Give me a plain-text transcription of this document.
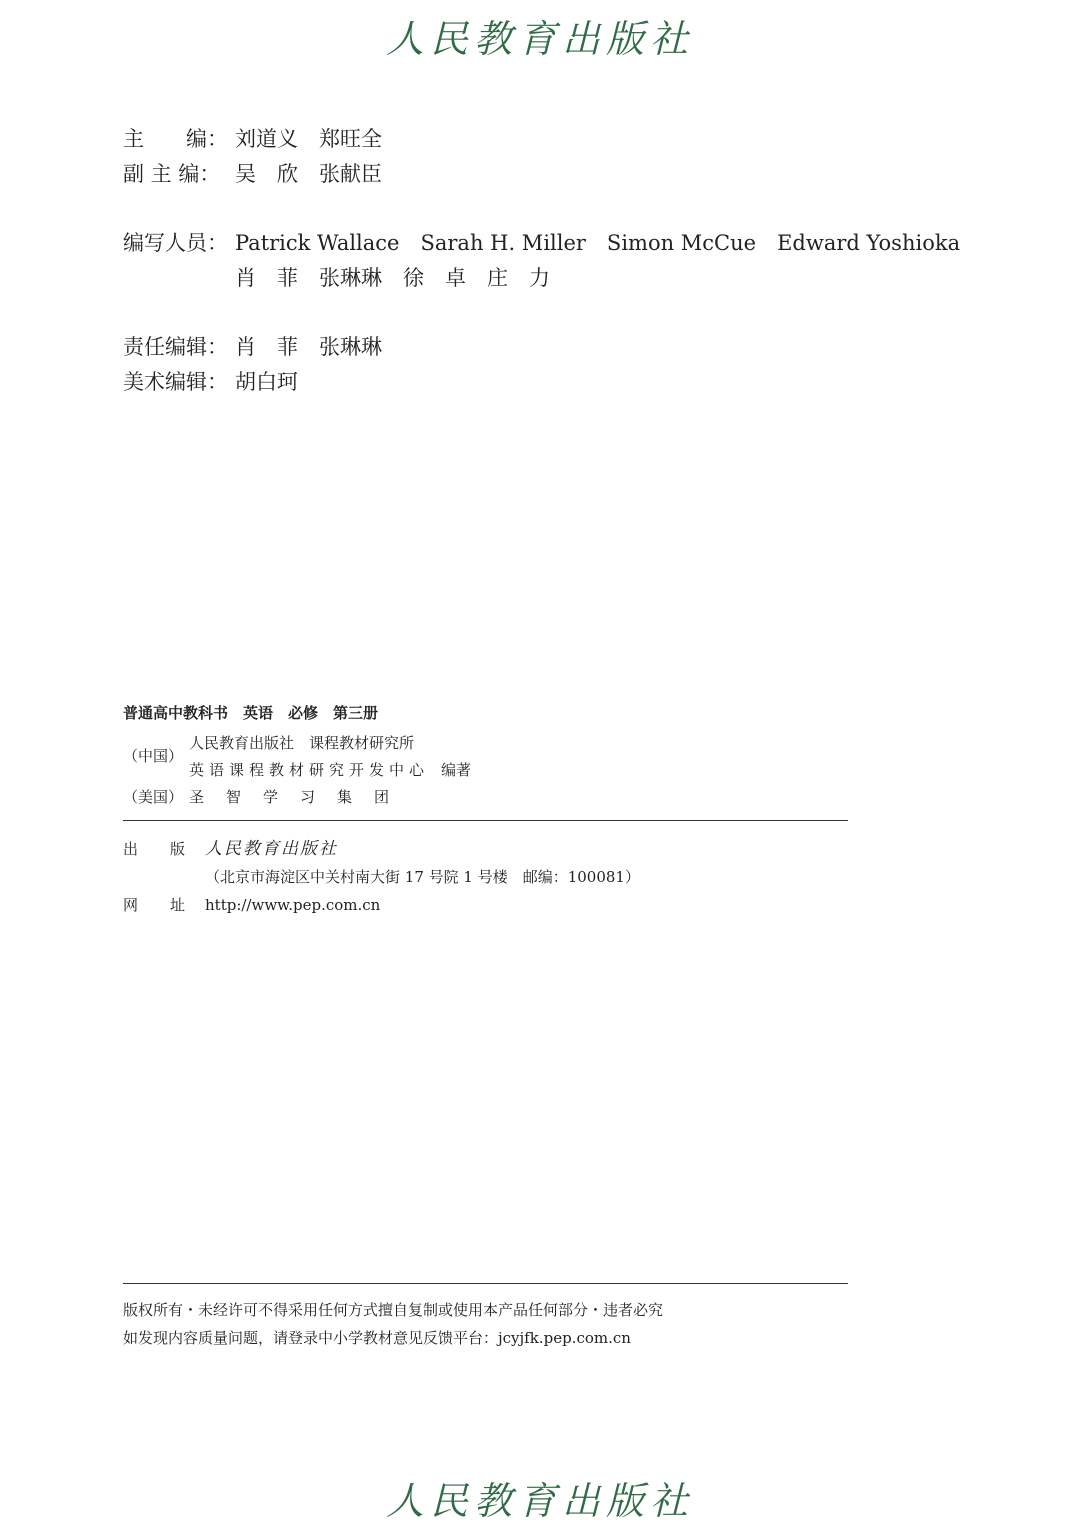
人民教育出版社
主　　编： 刘道义　郑旺全
副 主 编： 吴　欣　张献臣
编写人员： Patrick Wallace　Sarah H. Miller　Simon McCue　Edward Yoshioka
肖　菲　张琳琳　徐　卓　庄　力
责任编辑： 肖　菲　张琳琳
美术编辑： 胡白珂
普通高中教科书　英语　必修　第三册
（中国）
人民教育出版社　课程教材研究所
英语课程教材研究开发中心 编著
（美国） 圣智学习集团
出版
人民教育出版社
（北京市海淀区中关村南大街 17 号院 1 号楼　邮编：100081）
网址
http://www.pep.com.cn
版权所有・未经许可不得采用任何方式擅自复制或使用本产品任何部分・违者必究
如发现内容质量问题，请登录中小学教材意见反馈平台：jcyjfk.pep.com.cn
人民教育出版社
